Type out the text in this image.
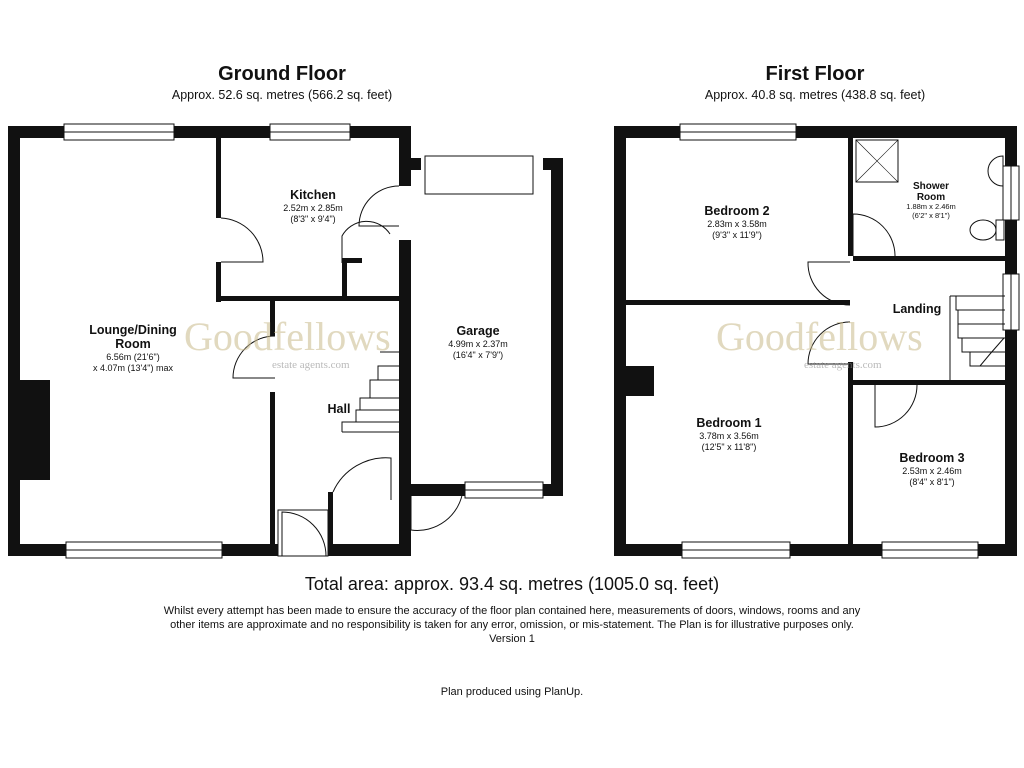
Ground Floor
Approx. 52.6 sq. metres (566.2 sq. feet)
First Floor
Approx. 40.8 sq. metres (438.8 sq. feet)
Goodfellows
estate agents.com
Goodfellows
estate agents.com
Lounge/Dining
Room
6.56m (21'6")
x 4.07m (13'4") max
Kitchen
2.52m x 2.85m
(8'3" x 9'4")
Garage
4.99m x 2.37m
(16'4" x 7'9")
Hall
Bedroom 2
2.83m x 3.58m
(9'3" x 11'9")
Shower
Room
1.88m x 2.46m
(6'2" x 8'1")
Landing
Bedroom 1
3.78m x 3.56m
(12'5" x 11'8")
Bedroom 3
2.53m x 2.46m
(8'4" x 8'1")
Total area: approx. 93.4 sq. metres (1005.0 sq. feet)
Whilst every attempt has been made to ensure the accuracy of the floor plan contained here, measurements of doors, windows, rooms and any other items are approximate and no responsibility is taken for any error, omission, or mis-statement. The Plan is for illustrative purposes only. Version 1
Plan produced using PlanUp.
